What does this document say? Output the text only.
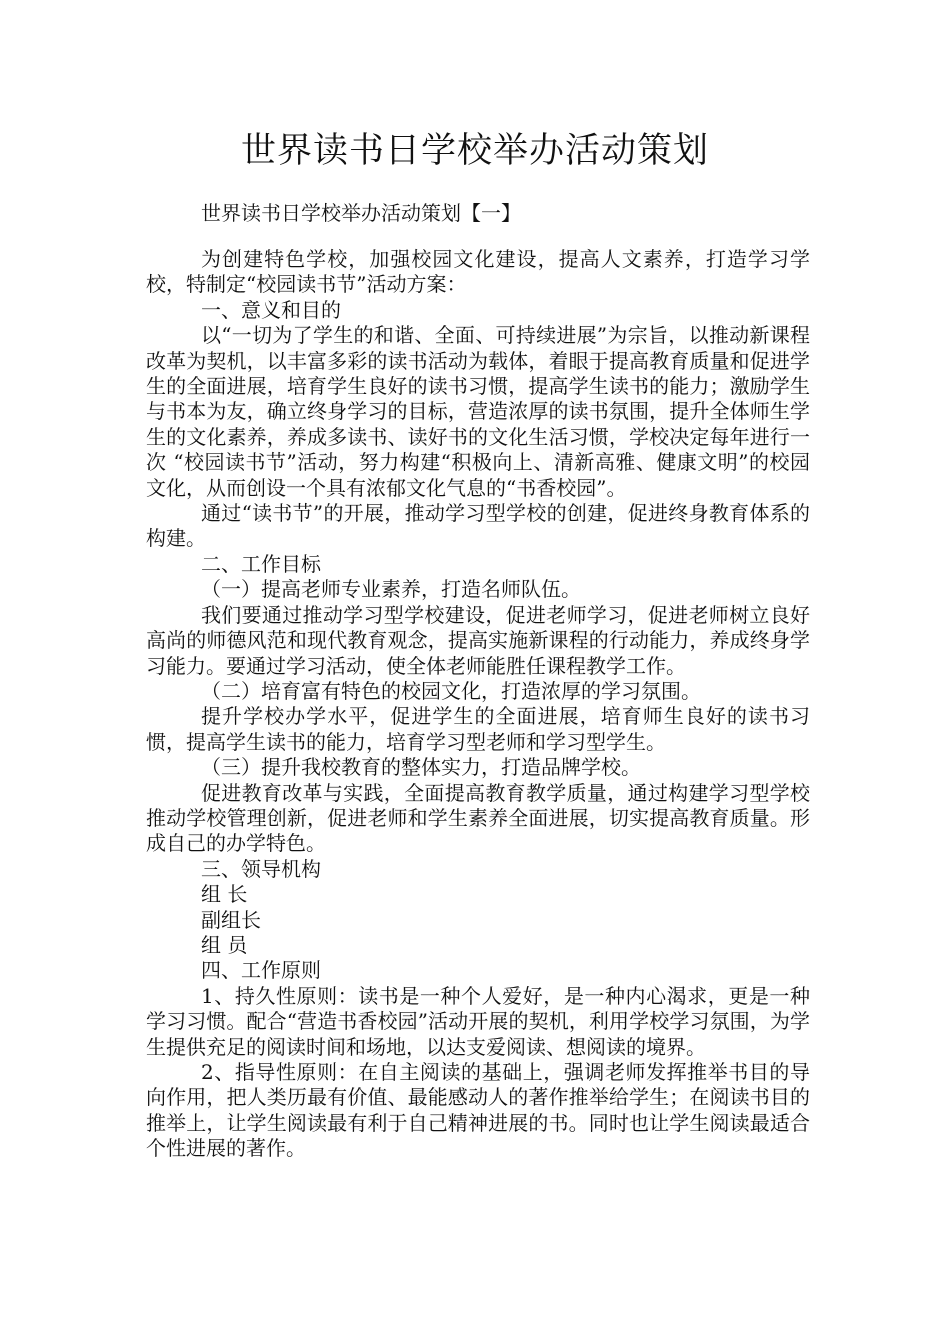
世界读书日学校举办活动策划

世界读书日学校举办活动策划【一】

为创建特色学校，加强校园文化建设，提高人文素养，打造学习学校，特制定“校园读书节”活动方案：

一、意义和目的

以“一切为了学生的和谐、全面、可持续进展”为宗旨，以推动新课程改革为契机，以丰富多彩的读书活动为载体，着眼于提高教育质量和促进学生的全面进展，培育学生良好的读书习惯，提高学生读书的能力；激励学生与书本为友，确立终身学习的目标，营造浓厚的读书氛围，提升全体师生学生的文化素养，养成多读书、读好书的文化生活习惯，学校决定每年进行一次 “校园读书节”活动，努力构建“积极向上、清新高雅、健康文明”的校园文化，从而创设一个具有浓郁文化气息的“书香校园”。

通过“读书节”的开展，推动学习型学校的创建，促进终身教育体系的构建。

二、工作目标

（一）提高老师专业素养，打造名师队伍。

我们要通过推动学习型学校建设，促进老师学习，促进老师树立良好高尚的师德风范和现代教育观念，提高实施新课程的行动能力，养成终身学习能力。要通过学习活动，使全体老师能胜任课程教学工作。

（二）培育富有特色的校园文化，打造浓厚的学习氛围。

提升学校办学水平，促进学生的全面进展，培育师生良好的读书习惯，提高学生读书的能力，培育学习型老师和学习型学生。

（三）提升我校教育的整体实力，打造品牌学校。

促进教育改革与实践，全面提高教育教学质量，通过构建学习型学校推动学校管理创新，促进老师和学生素养全面进展，切实提高教育质量。形成自己的办学特色。

三、领导机构

组 长

副组长

组 员

四、工作原则

1、持久性原则：读书是一种个人爱好，是一种内心渴求，更是一种学习习惯。配合“营造书香校园”活动开展的契机，利用学校学习氛围，为学生提供充足的阅读时间和场地，以达支爱阅读、想阅读的境界。

2、指导性原则：在自主阅读的基础上，强调老师发挥推举书目的导向作用，把人类历最有价值、最能感动人的著作推举给学生；在阅读书目的推举上，让学生阅读最有利于自己精神进展的书。同时也让学生阅读最适合个性进展的著作。
